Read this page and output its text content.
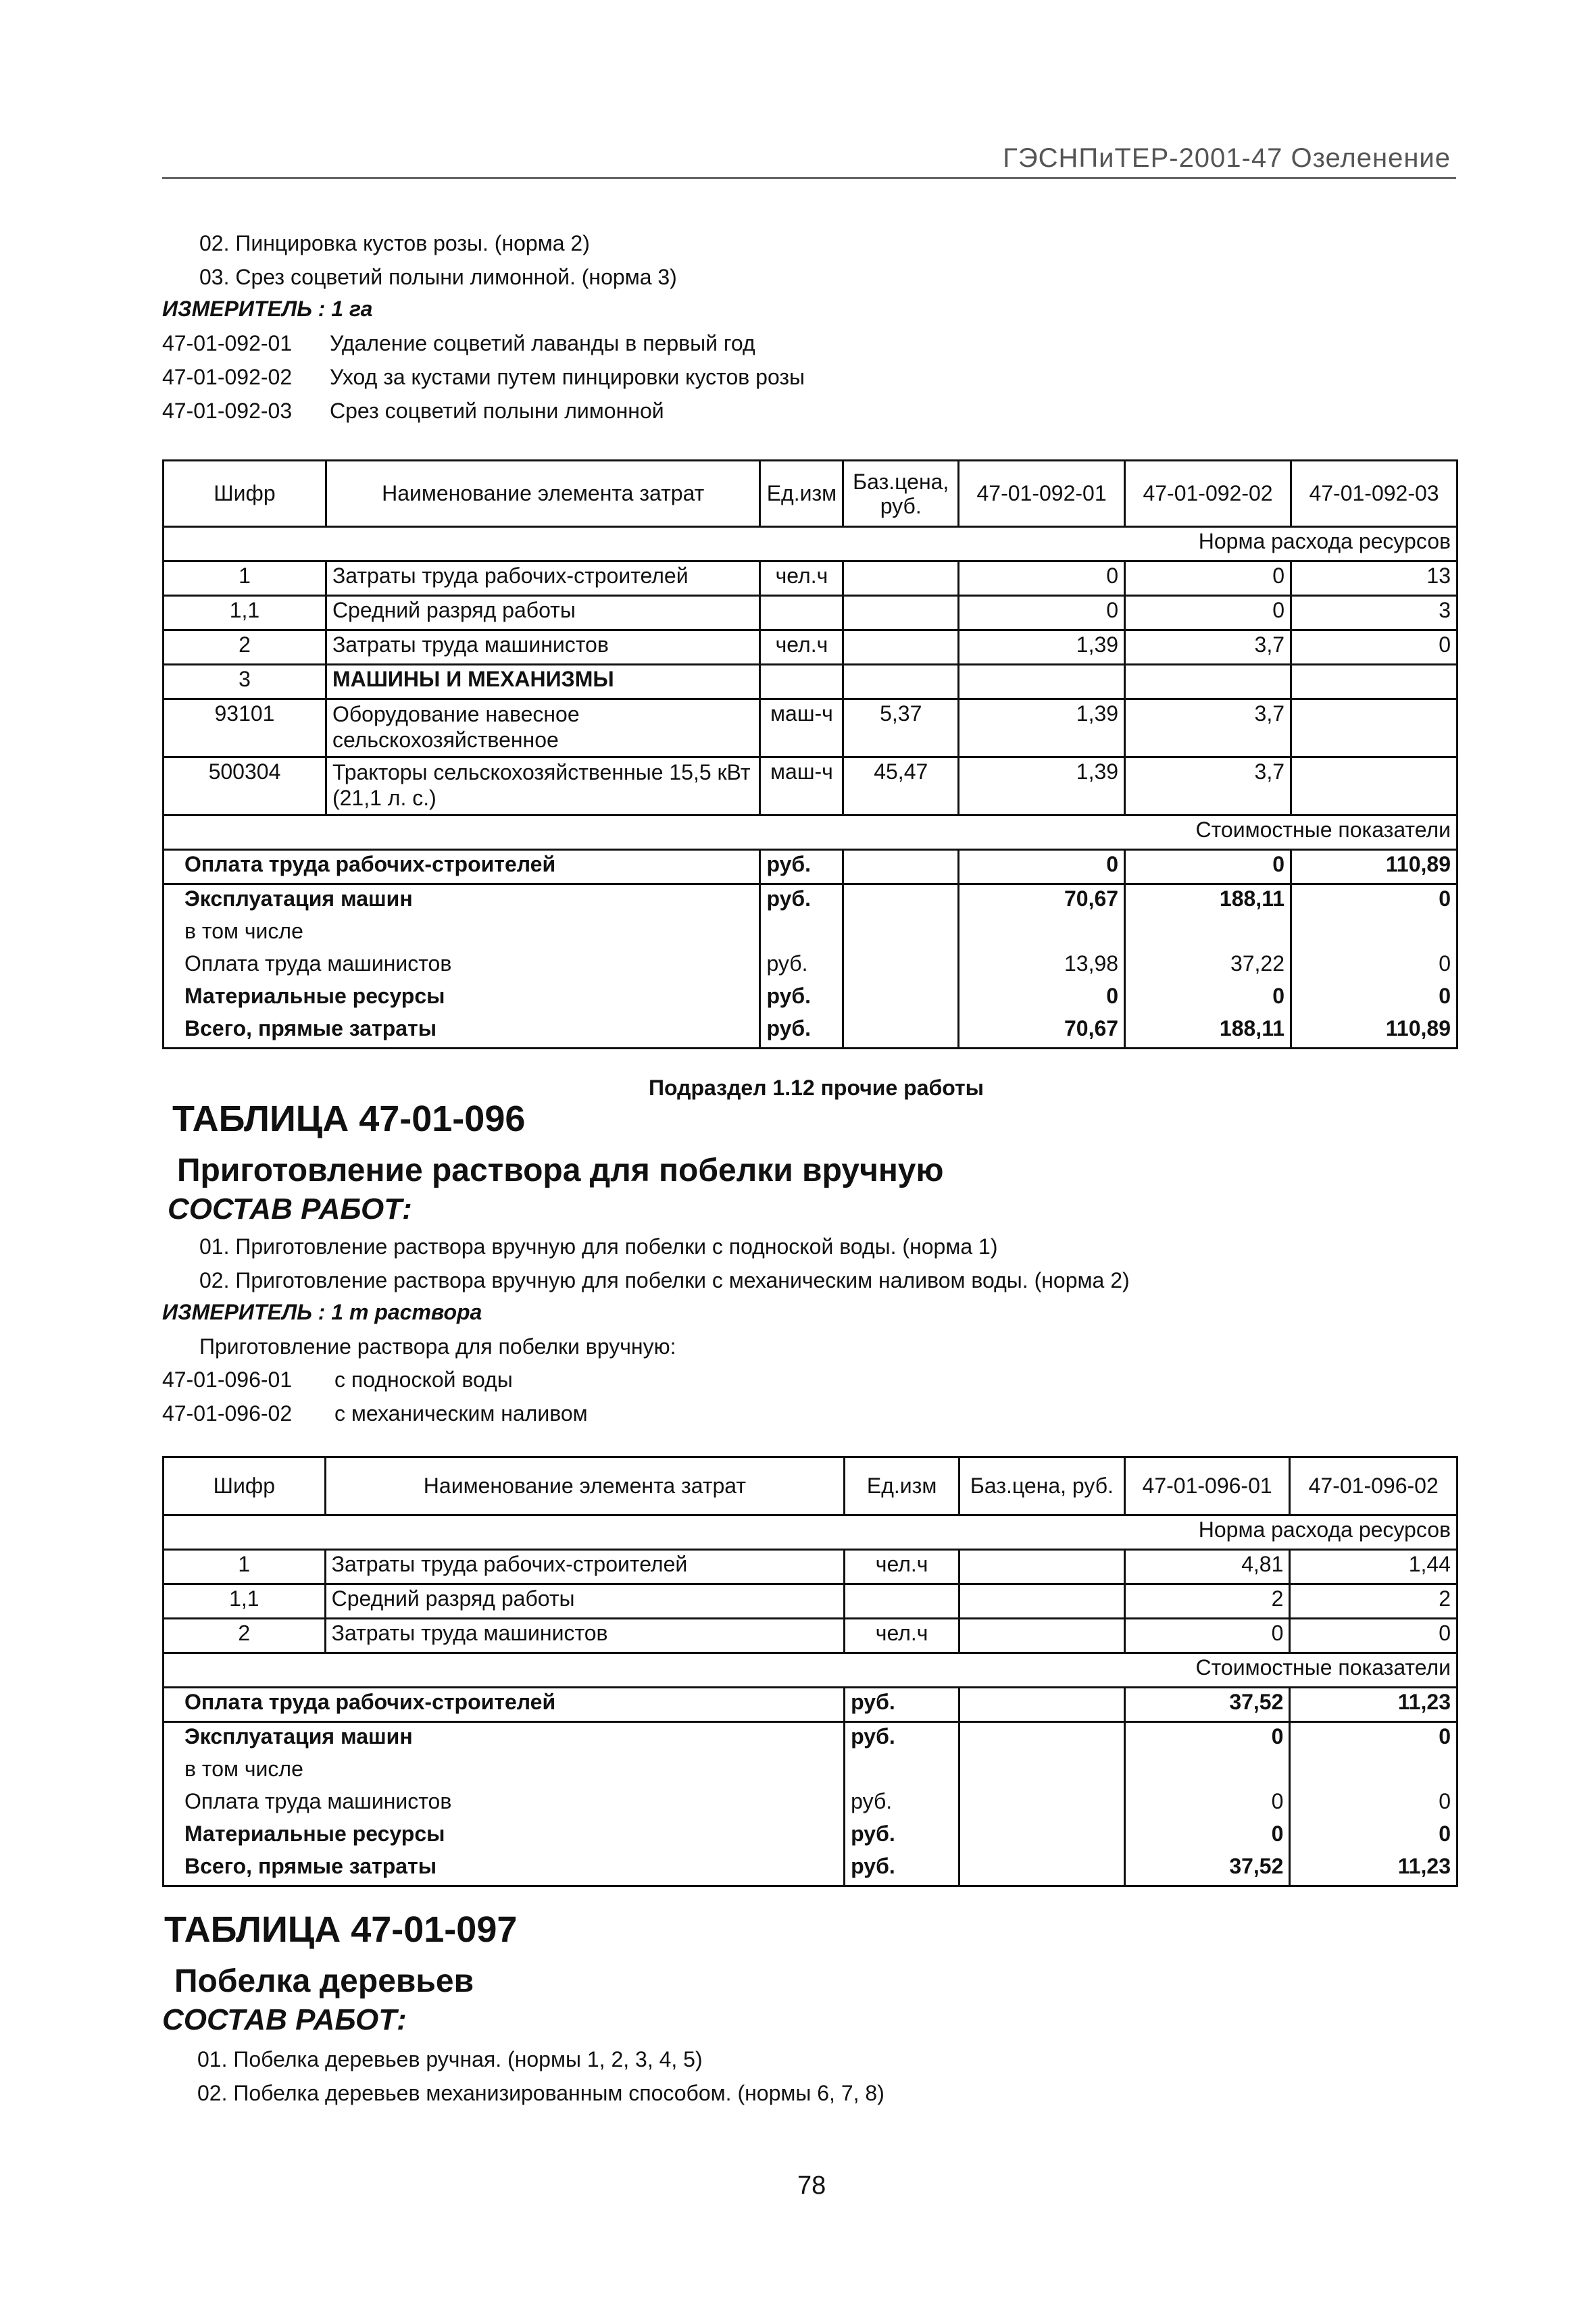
ГЭСНПиТЕР-2001-47 Озеленение
02. Пинцировка кустов розы. (норма 2)
03. Срез соцветий полыни лимонной. (норма 3)
ИЗМЕРИТЕЛЬ : 1 га
47-01-092-01 Удаление соцветий лаванды в первый год
47-01-092-02 Уход за кустами путем пинцировки кустов розы
47-01-092-03 Срез соцветий полыни лимонной
Шифр	Наименование элемента затрат	Ед.изм	Баз.цена, руб.	47-01-092-01	47-01-092-02	47-01-092-03
Норма расхода ресурсов						
1	Затраты труда рабочих-строителей	чел.ч		0	0	13
1,1	Средний разряд работы			0	0	3
2	Затраты труда машинистов	чел.ч		1,39	3,7	0
3	МАШИНЫ И МЕХАНИЗМЫ					
93101	Оборудование навесное сельскохозяйственное	маш-ч	5,37	1,39	3,7	
500304	Тракторы сельскохозяйственные 15,5 кВт (21,1 л. с.)	маш-ч	45,47	1,39	3,7	
Стоимостные показатели						
Оплата труда рабочих-строителей		руб.		0	0	110,89
Эксплуатация машин		руб.		70,67	188,11	0
в том числе						
Оплата труда машинистов		руб.		13,98	37,22	0
Материальные ресурсы		руб.		0	0	0
Всего, прямые затраты		руб.		70,67	188,11	110,89
Подраздел 1.12 прочие работы
ТАБЛИЦА 47-01-096
Приготовление раствора для побелки вручную
СОСТАВ РАБОТ:
01. Приготовление раствора вручную для побелки с подноской воды. (норма 1)
02. Приготовление раствора вручную для побелки с механическим наливом воды. (норма 2)
ИЗМЕРИТЕЛЬ : 1 т раствора
Приготовление раствора для побелки вручную:
47-01-096-01 с подноской воды
47-01-096-02 с механическим наливом
Шифр	Наименование элемента затрат	Ед.изм	Баз.цена, руб.	47-01-096-01	47-01-096-02
Норма расхода ресурсов					
1	Затраты труда рабочих-строителей	чел.ч		4,81	1,44
1,1	Средний разряд работы			2	2
2	Затраты труда машинистов	чел.ч		0	0
Стоимостные показатели					
Оплата труда рабочих-строителей		руб.		37,52	11,23
Эксплуатация машин		руб.		0	0
в том числе					
Оплата труда машинистов		руб.		0	0
Материальные ресурсы		руб.		0	0
Всего, прямые затраты		руб.		37,52	11,23
ТАБЛИЦА 47-01-097
Побелка деревьев
СОСТАВ РАБОТ:
01. Побелка деревьев ручная. (нормы 1, 2, 3, 4, 5)
02. Побелка деревьев механизированным способом. (нормы 6, 7, 8)
78
